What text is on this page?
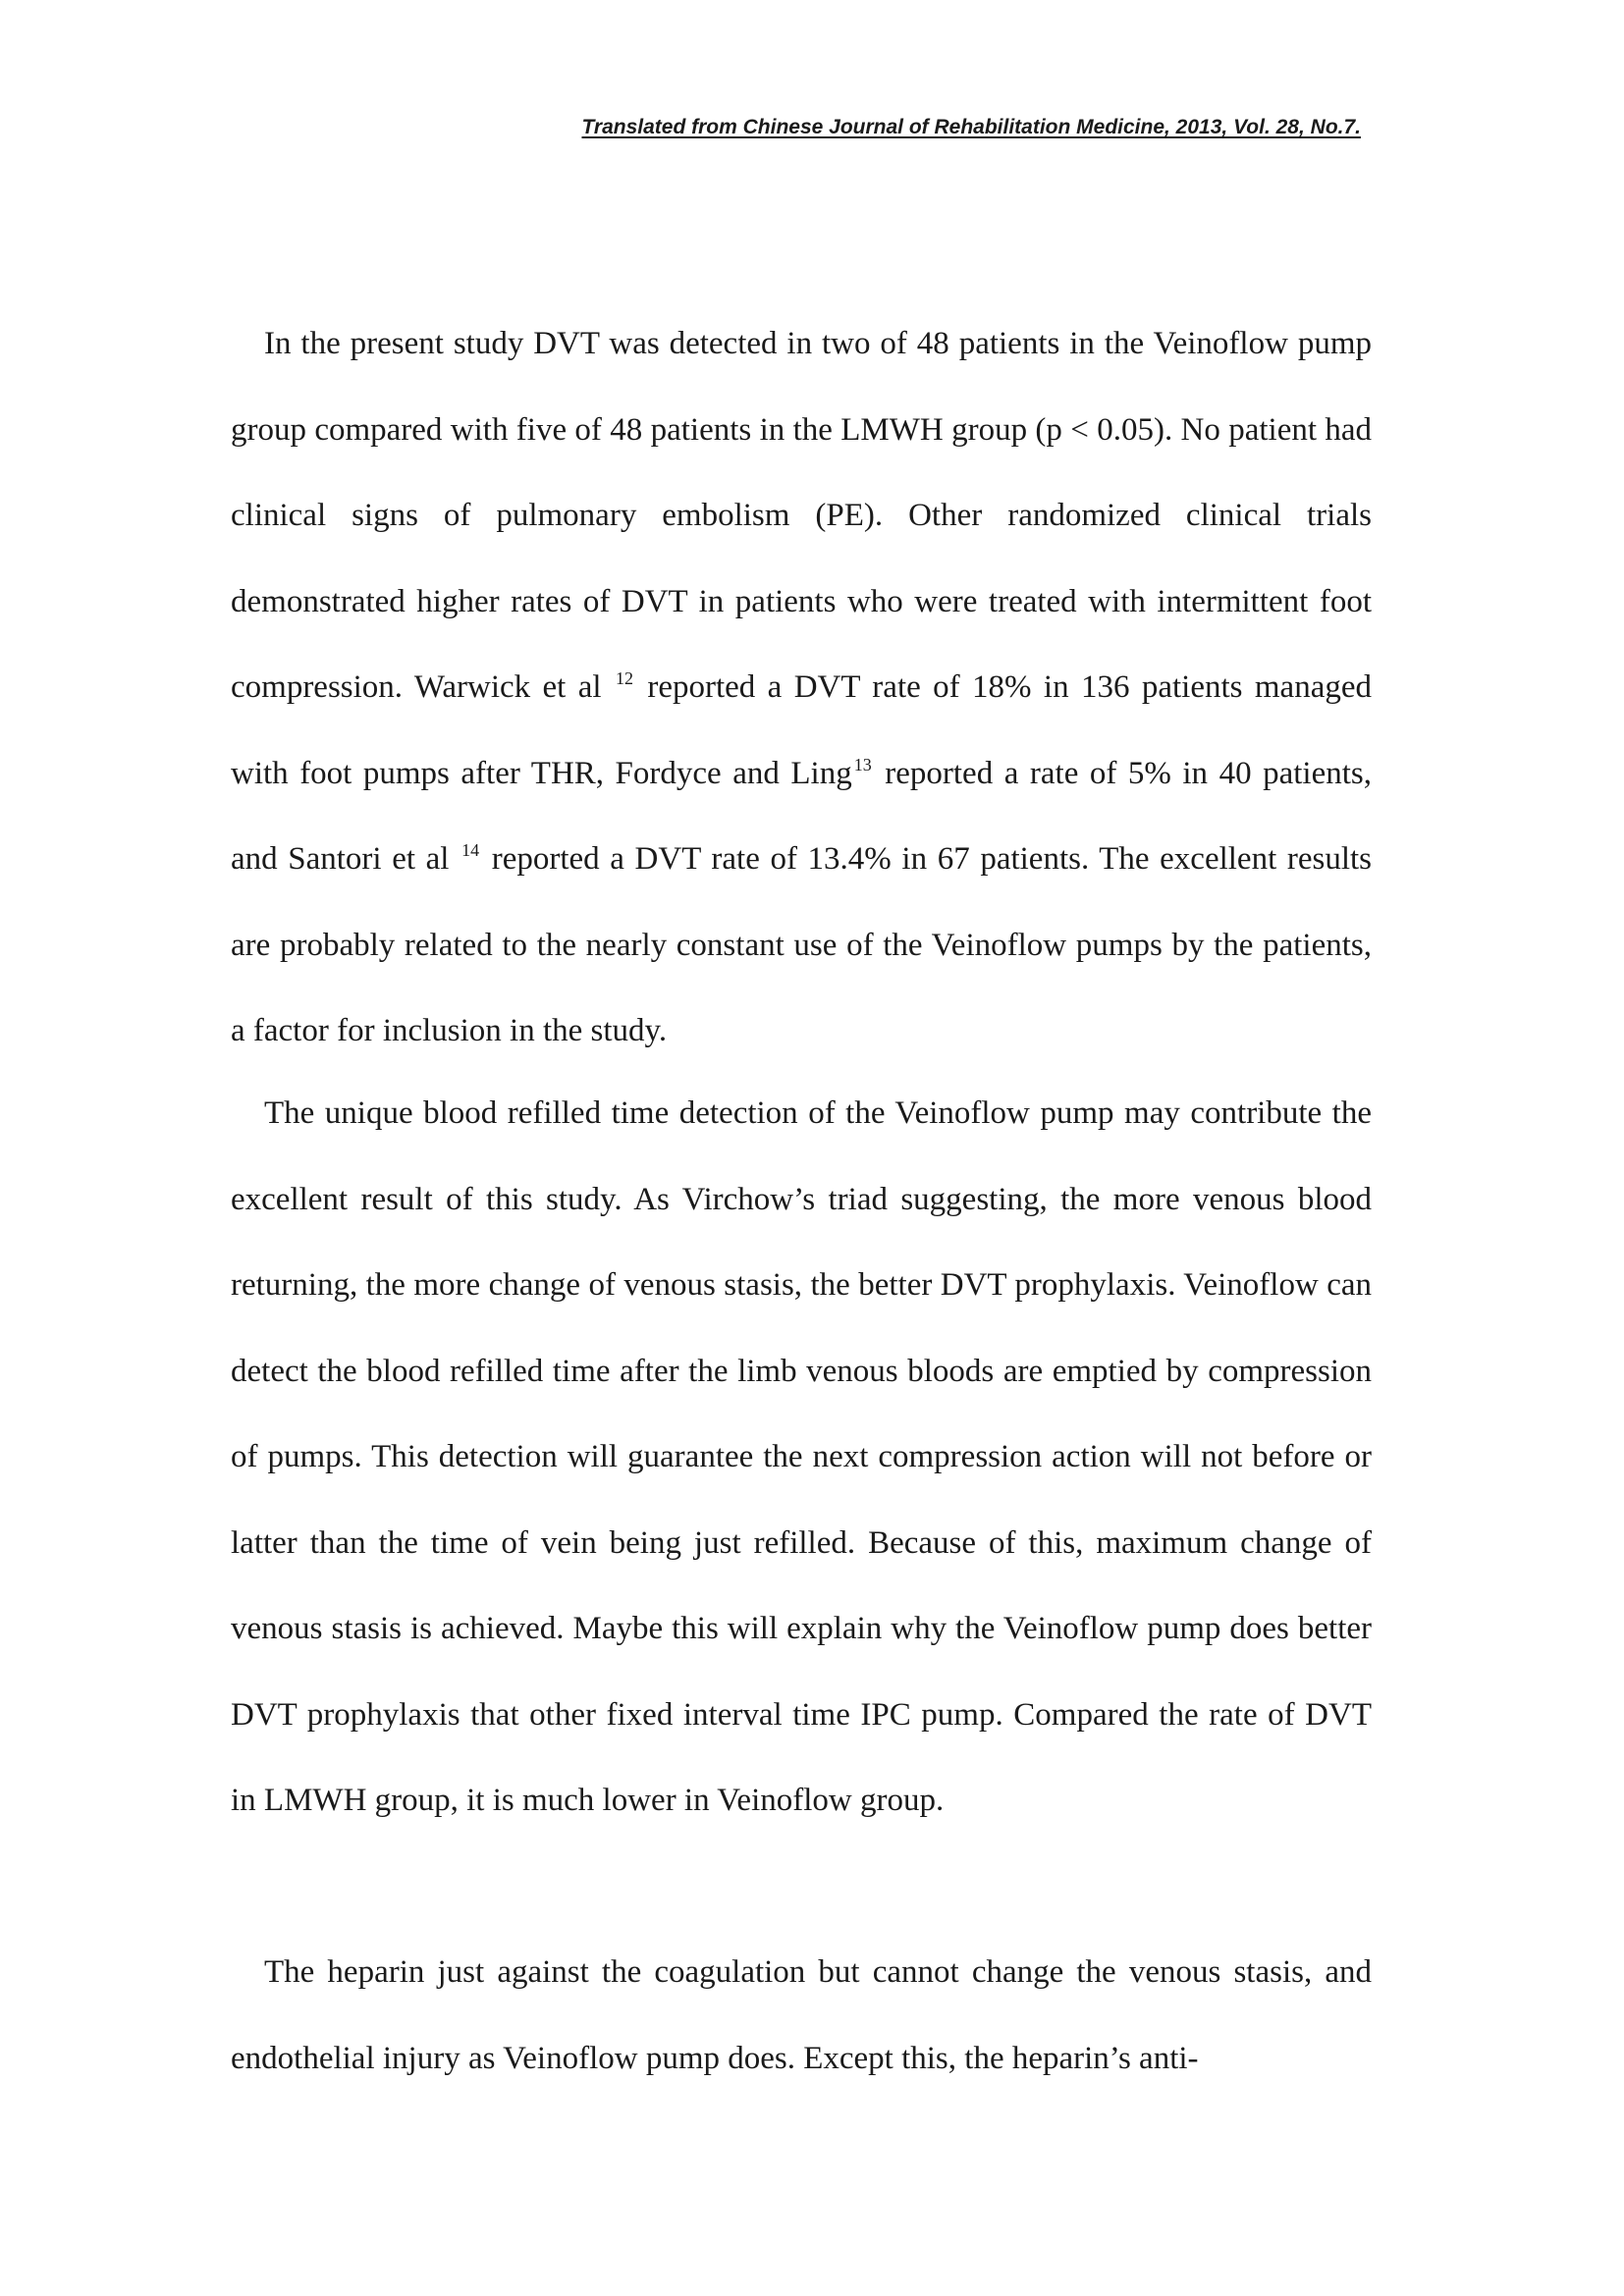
Translated from Chinese Journal of Rehabilitation Medicine, 2013, Vol. 28, No.7.

In the present study DVT was detected in two of 48 patients in the Veinoflow pump group compared with five of 48 patients in the LMWH group (p < 0.05). No patient had clinical signs of pulmonary embolism (PE). Other randomized clinical trials demonstrated higher rates of DVT in patients who were treated with intermittent foot compression. Warwick et al $^{12}$ reported a DVT rate of 18% in 136 patients managed with foot pumps after THR, Fordyce and Ling $^{13}$ reported a rate of 5% in 40 patients, and Santori et al $^{14}$ reported a DVT rate of 13.4% in 67 patients. The excellent results are probably related to the nearly constant use of the Veinoflow pumps by the patients, a factor for inclusion in the study.

The unique blood refilled time detection of the Veinoflow pump may contribute the excellent result of this study. As Virchow’s triad suggesting, the more venous blood returning, the more change of venous stasis, the better DVT prophylaxis. Veinoflow can detect the blood refilled time after the limb venous bloods are emptied by compression of pumps. This detection will guarantee the next compression action will not before or latter than the time of vein being just refilled. Because of this, maximum change of venous stasis is achieved. Maybe this will explain why the Veinoflow pump does better DVT prophylaxis that other fixed interval time IPC pump. Compared the rate of DVT in LMWH group, it is much lower in Veinoflow group.

The heparin just against the coagulation but cannot change the venous stasis, and endothelial injury as Veinoflow pump does. Except this, the heparin’s anti-
